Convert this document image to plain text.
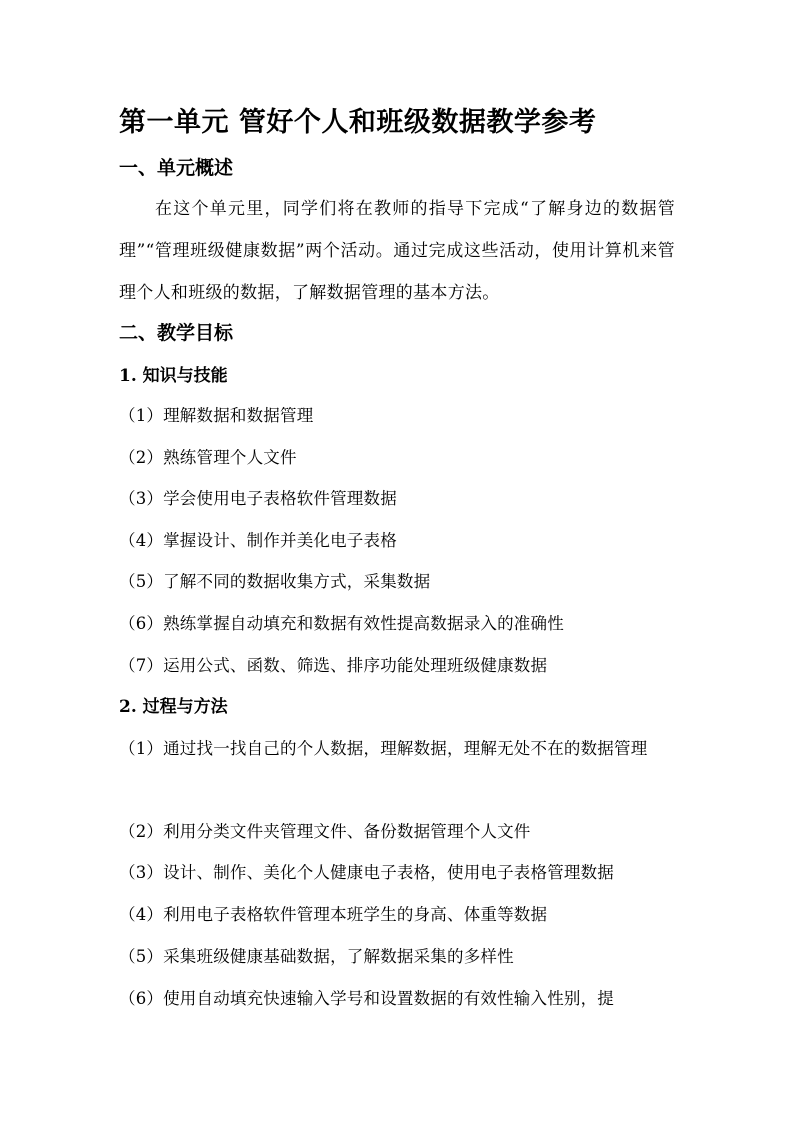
第一单元 管好个人和班级数据教学参考
一、单元概述
在这个单元里，同学们将在教师的指导下完成“了解身边的数据管理”“管理班级健康数据”两个活动。通过完成这些活动，使用计算机来管理个人和班级的数据，了解数据管理的基本方法。
二、教学目标
1. 知识与技能
（1）理解数据和数据管理
（2）熟练管理个人文件
（3）学会使用电子表格软件管理数据
（4）掌握设计、制作并美化电子表格
（5）了解不同的数据收集方式，采集数据
（6）熟练掌握自动填充和数据有效性提高数据录入的准确性
（7）运用公式、函数、筛选、排序功能处理班级健康数据
2. 过程与方法
（1）通过找一找自己的个人数据，理解数据，理解无处不在的数据管理
（2）利用分类文件夹管理文件、备份数据管理个人文件
（3）设计、制作、美化个人健康电子表格，使用电子表格管理数据
（4）利用电子表格软件管理本班学生的身高、体重等数据
（5）采集班级健康基础数据，了解数据采集的多样性
（6）使用自动填充快速输入学号和设置数据的有效性输入性别，提
